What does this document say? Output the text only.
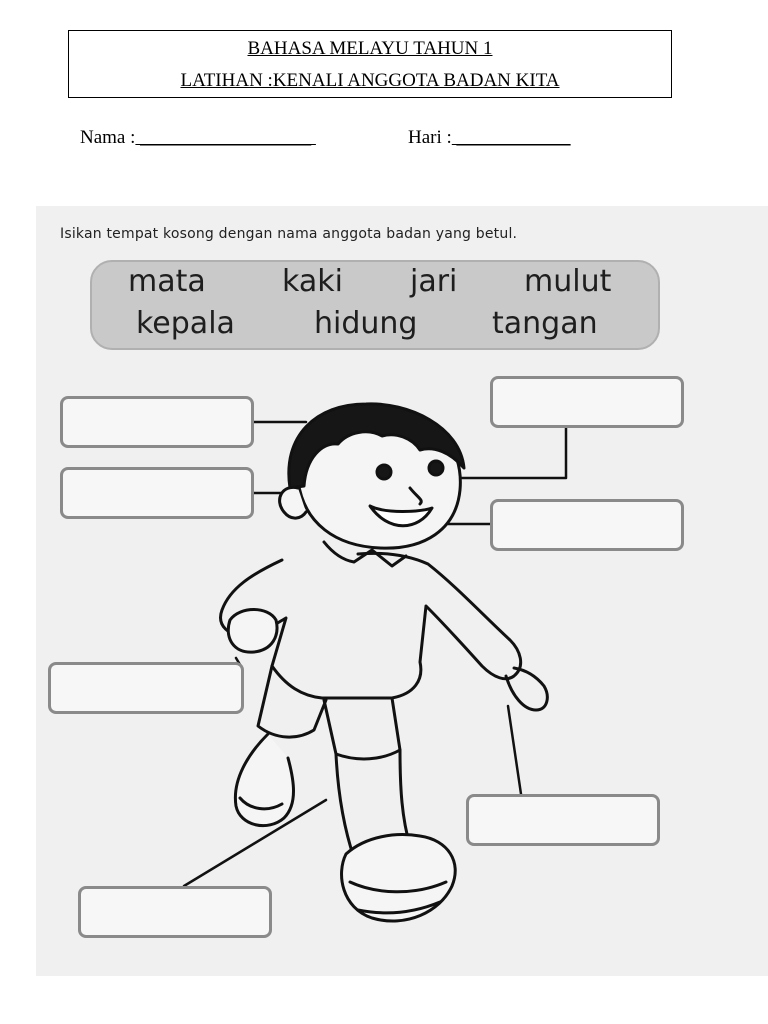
BAHASA MELAYU TAHUN 1
LATIHAN :KENALI ANGGOTA BADAN KITA
Nama : __________________	Hari : ____________
Isikan tempat kosong dengan nama anggota badan yang betul.
mata	kaki jari mulut
kepala	hidung tangan
